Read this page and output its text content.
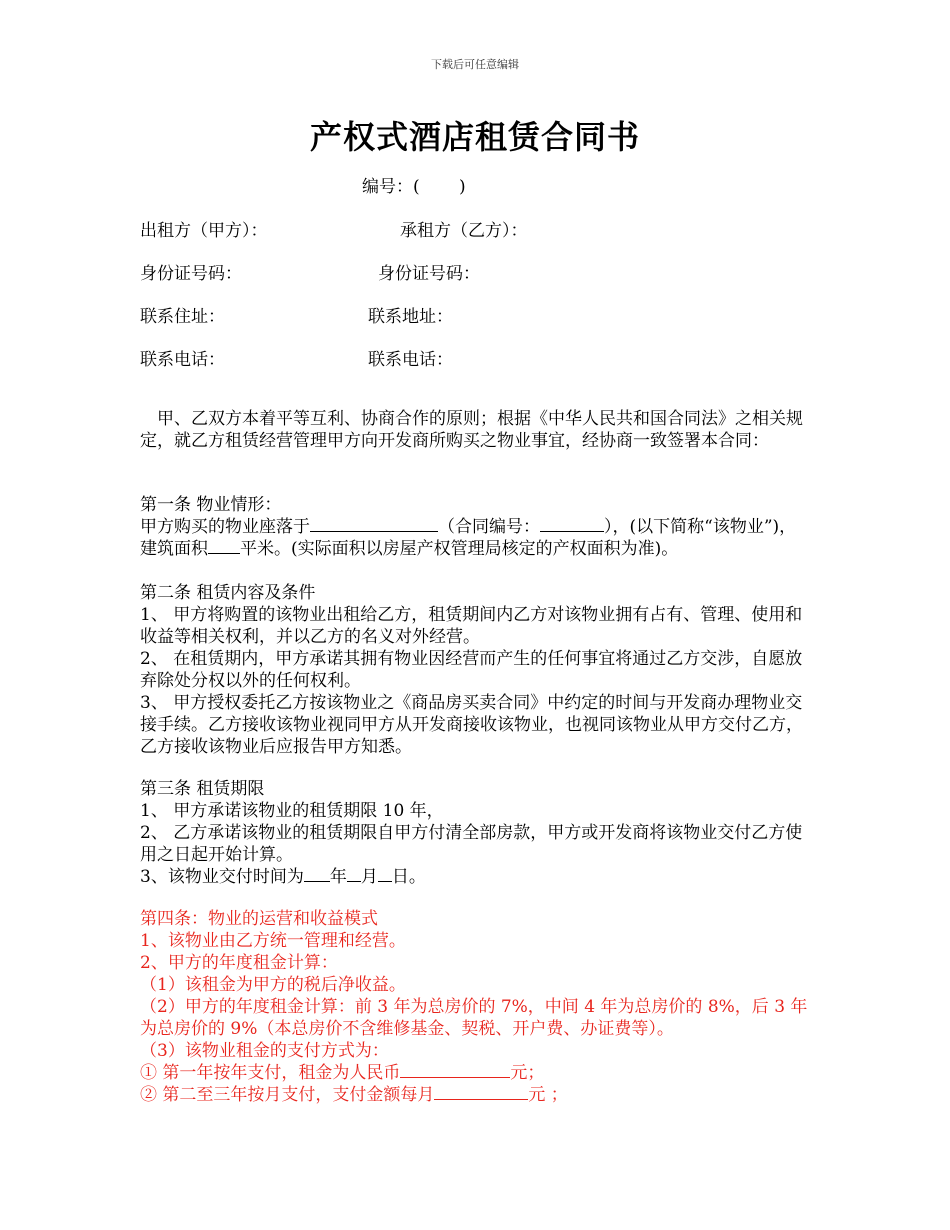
下载后可任意编辑
产权式酒店租赁合同书
编号：(　　 )
出租方（甲方）：	承租方（乙方）：
身份证号码：	身份证号码：
联系住址：	联系地址：
联系电话：	联系电话：

　甲、乙双方本着平等互利、协商合作的原则；根据《中华人民共和国合同法》之相关规定，就乙方租赁经营管理甲方向开发商所购买之物业事宜，经协商一致签署本合同：

第一条 物业情形：

甲方购买的物业座落于	（合同编号：	），(以下简称“该物业”)，建筑面积 平米。(实际面积以房屋产权管理局核定的产权面积为准)。

第二条 租赁内容及条件

1、 甲方将购置的该物业出租给乙方，租赁期间内乙方对该物业拥有占有、管理、使用和收益等相关权利，并以乙方的名义对外经营。

2、 在租赁期内，甲方承诺其拥有物业因经营而产生的任何事宜将通过乙方交涉，自愿放弃除处分权以外的任何权利。

3、 甲方授权委托乙方按该物业之《商品房买卖合同》中约定的时间与开发商办理物业交接手续。乙方接收该物业视同甲方从开发商接收该物业，也视同该物业从甲方交付乙方，乙方接收该物业后应报告甲方知悉。

第三条 租赁期限

1、 甲方承诺该物业的租赁期限 10 年，

2、 乙方承诺该物业的租赁期限自甲方付清全部房款，甲方或开发商将该物业交付乙方使用之日起开始计算。

3、该物业交付时间为 年 月 日。

第四条：物业的运营和收益模式

1、该物业由乙方统一管理和经营。

2、甲方的年度租金计算：

（1）该租金为甲方的税后净收益。

（2）甲方的年度租金计算：前 3 年为总房价的 7%，中间 4 年为总房价的 8%，后 3 年为总房价的 9%（本总房价不含维修基金、契税、开户费、办证费等）。

（3）该物业租金的支付方式为：

① 第一年按年支付，租金为人民币	元；

② 第二至三年按月支付，支付金额每月	元 ；
